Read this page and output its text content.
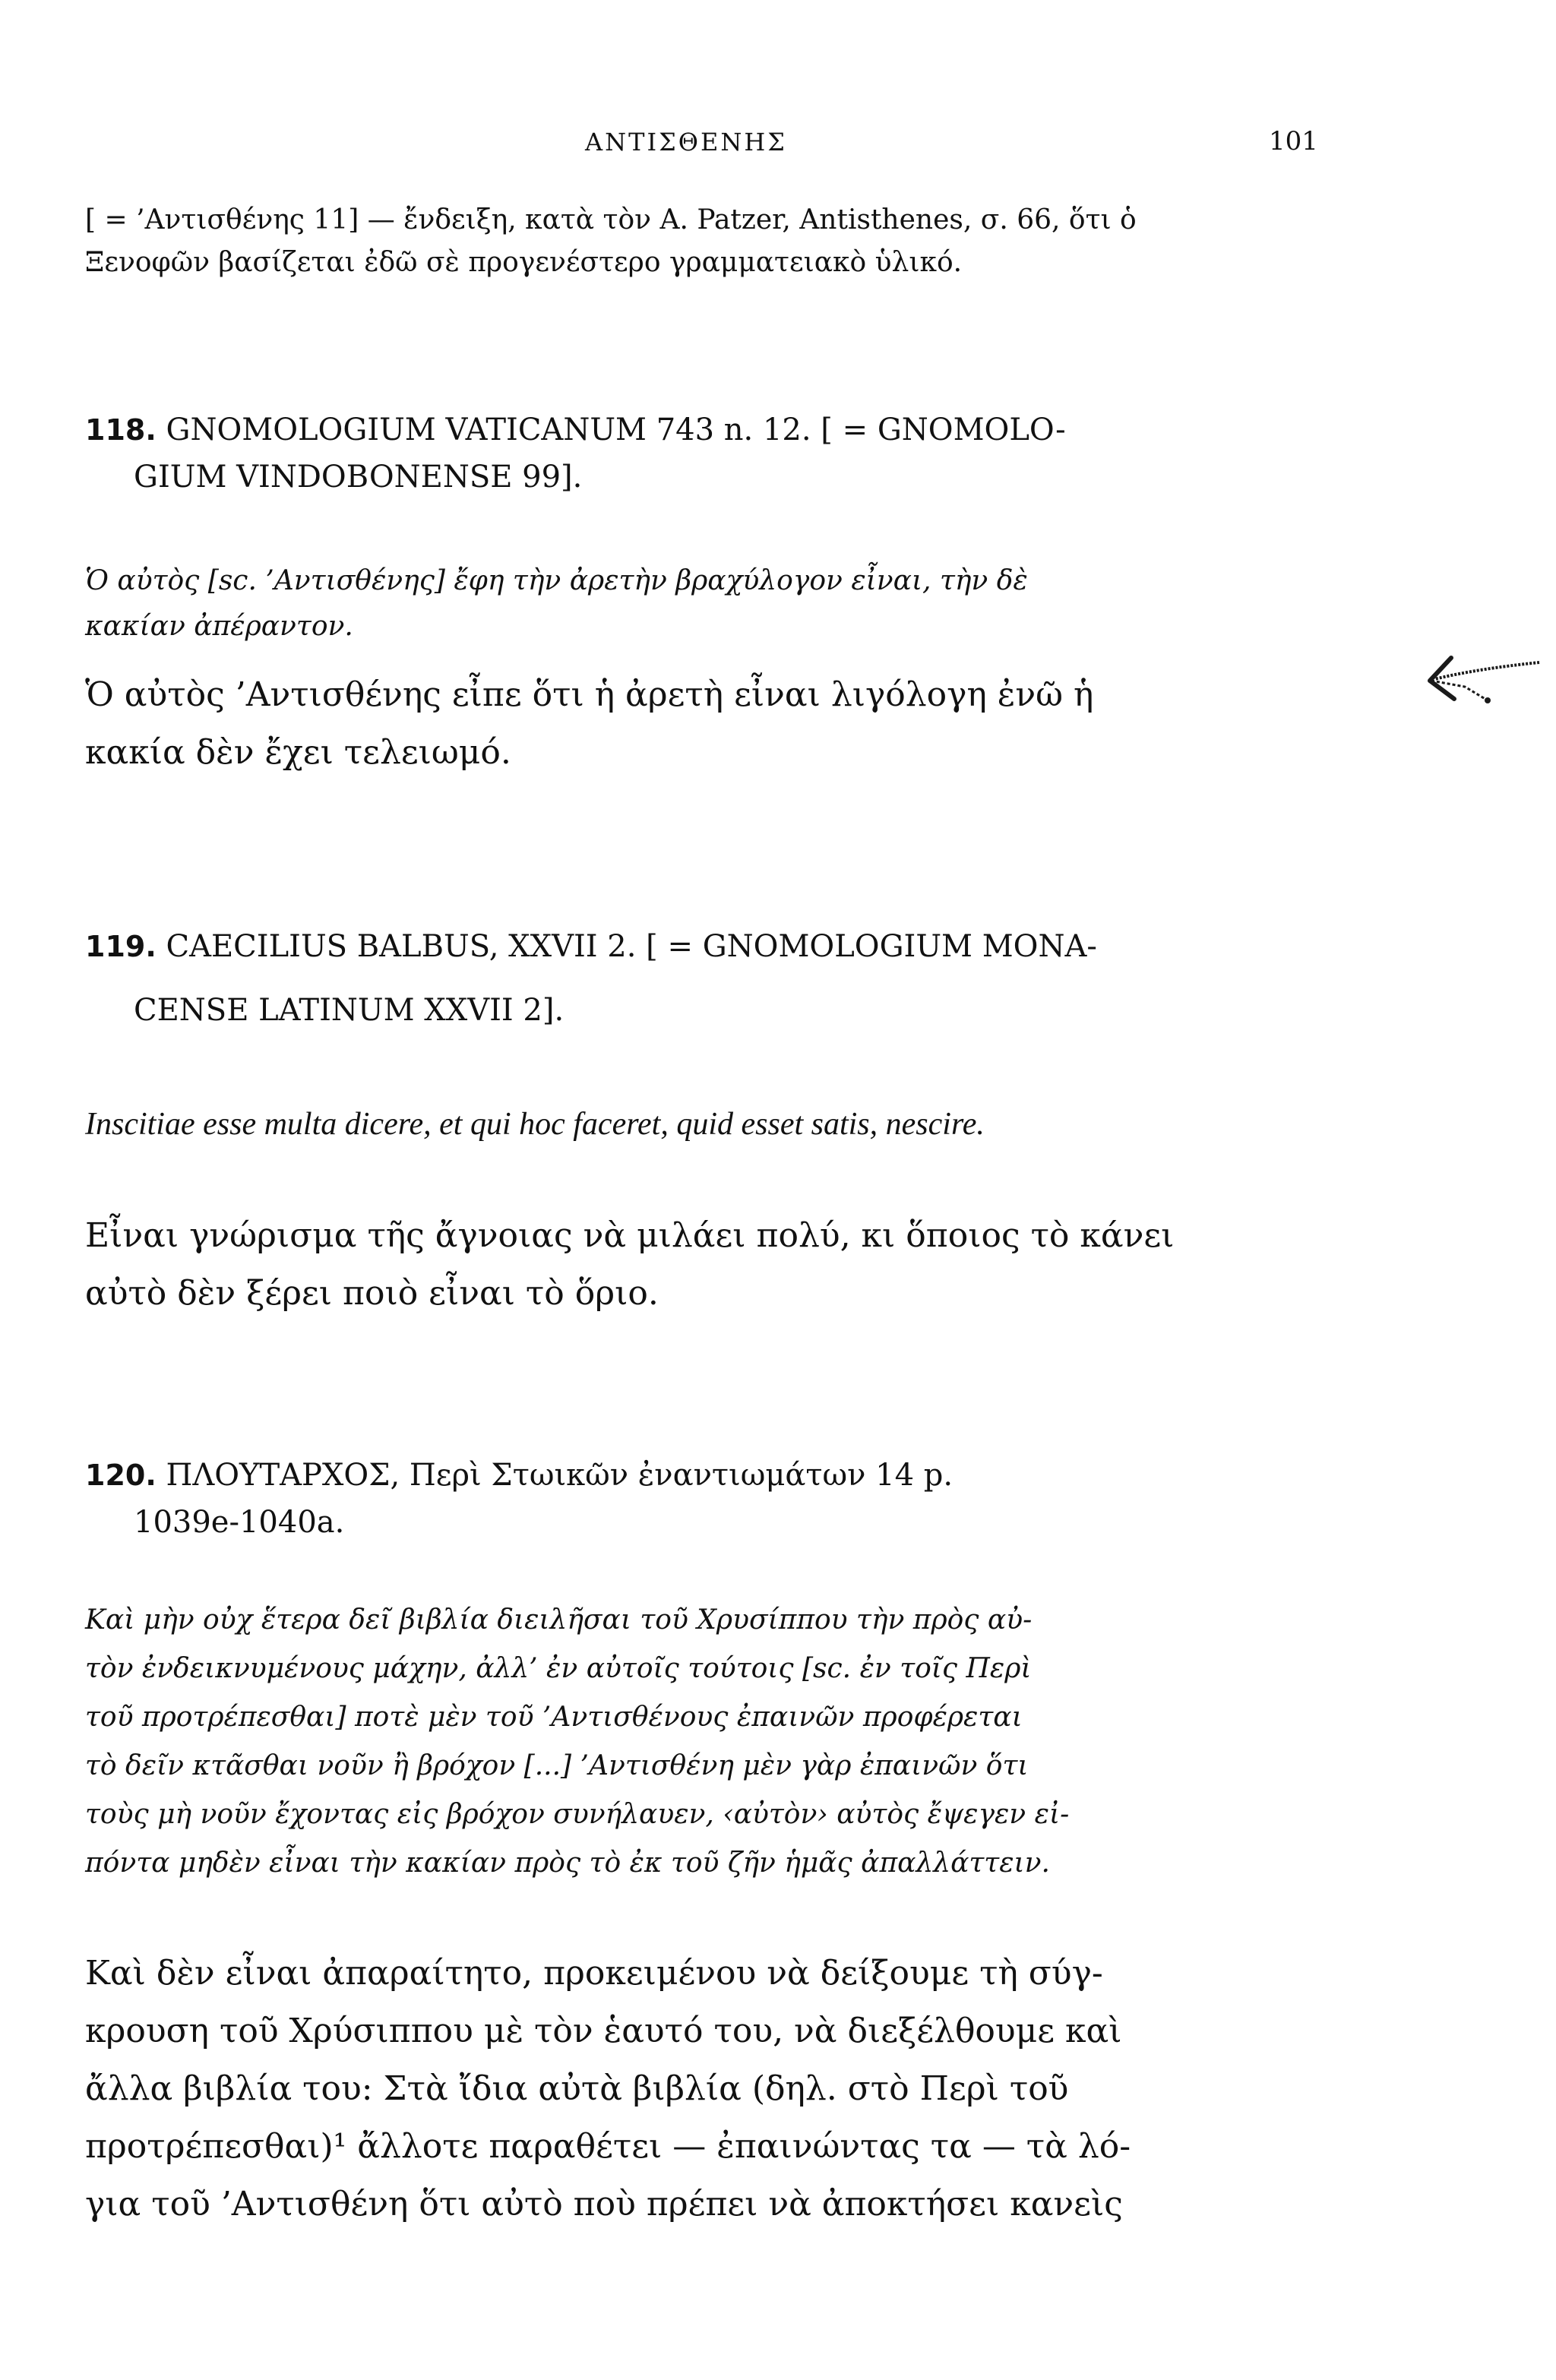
ΑΝΤΙΣΘΕΝΗΣ	101
[ = ’Αντισθένης 11] — ἔνδειξη, κατὰ τὸν A. Patzer, Antisthenes, σ. 66, ὅτι ὁ
Ξενοφῶν βασίζεται ἐδῶ σὲ προγενέστερο γραμματειακὸ ὑλικό.
118. GNOMOLOGIUM VATICANUM 743 n. 12. [ = GNOMOLO-
GIUM VINDOBONENSE 99].
Ὁ αὐτὸς [sc. ’Αντισθένης] ἔφη τὴν ἀρετὴν βραχύλογον εἶναι, τὴν δὲ
κακίαν ἀπέραντον.
Ὁ αὐτὸς ’Αντισθένης εἶπε ὅτι ἡ ἀρετὴ εἶναι λιγόλογη ἐνῶ ἡ
κακία δὲν ἔχει τελειωμό.
119. CAECILIUS BALBUS, XXVII 2. [ = GNOMOLOGIUM MONA-
CENSE LATINUM XXVII 2].
Inscitiae esse multa dicere, et qui hoc faceret, quid esset satis, nescire.
Εἶναι γνώρισμα τῆς ἄγνοιας νὰ μιλάει πολύ, κι ὅποιος τὸ κάνει
αὐτὸ δὲν ξέρει ποιὸ εἶναι τὸ ὅριο.
120. ΠΛΟΥΤΑΡΧΟΣ, Περὶ Στωικῶν ἐναντιωμάτων 14 p.
1039e-1040a.
Καὶ μὴν οὐχ ἕτερα δεῖ βιβλία διειλῆσαι τοῦ Χρυσίππου τὴν πρὸς αὐ-
τὸν ἐνδεικνυμένους μάχην, ἀλλ’ ἐν αὐτοῖς τούτοις [sc. ἐν τοῖς Περὶ
τοῦ προτρέπεσθαι] ποτὲ μὲν τοῦ ’Αντισθένους ἐπαινῶν προφέρεται
τὸ δεῖν κτᾶσθαι νοῦν ἢ βρόχον [...] ’Αντισθένη μὲν γὰρ ἐπαινῶν ὅτι
τοὺς μὴ νοῦν ἔχοντας εἰς βρόχον συνήλαυεν, ‹αὐτὸν› αὐτὸς ἔψεγεν εἰ-
πόντα μηδὲν εἶναι τὴν κακίαν πρὸς τὸ ἐκ τοῦ ζῆν ἡμᾶς ἀπαλλάττειν.
Καὶ δὲν εἶναι ἀπαραίτητο, προκειμένου νὰ δείξουμε τὴ σύγ-
κρουση τοῦ Χρύσιππου μὲ τὸν ἑαυτό του, νὰ διεξέλθουμε καὶ
ἄλλα βιβλία του: Στὰ ἴδια αὐτὰ βιβλία (δηλ. στὸ Περὶ τοῦ
προτρέπεσθαι)¹ ἄλλοτε παραθέτει — ἐπαινώντας τα — τὰ λό-
για τοῦ ’Αντισθένη ὅτι αὐτὸ ποὺ πρέπει νὰ ἀποκτήσει κανεὶς
